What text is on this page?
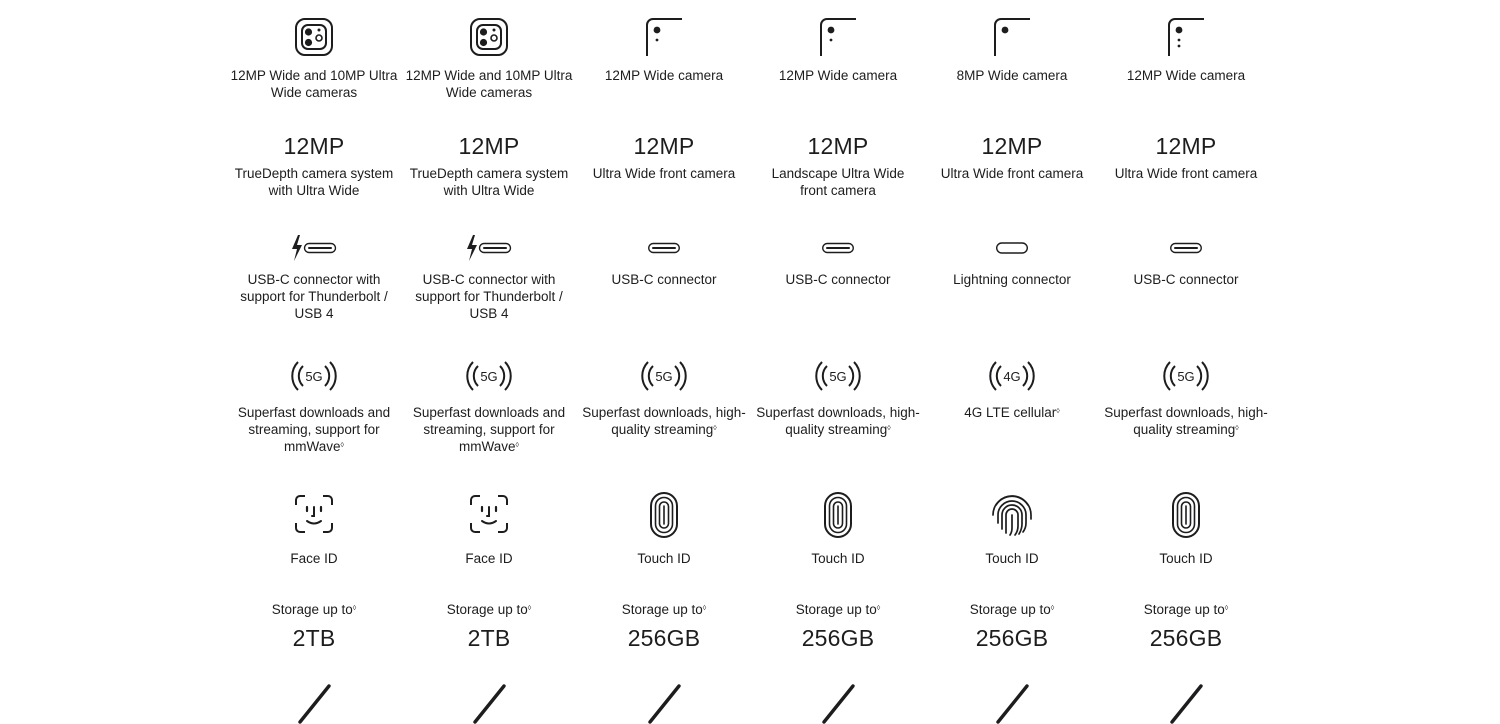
12MP Wide and 10MP Ultra Wide cameras
12MP
TrueDepth camera system with Ultra Wide
USB-C connector with support for Thunderbolt / USB 4
5G
Superfast downloads and streaming, support for mmWave◊
Face ID
Storage up to◊
2TB
12MP Wide and 10MP Ultra Wide cameras
12MP
TrueDepth camera system with Ultra Wide
USB-C connector with support for Thunderbolt / USB 4
5G
Superfast downloads and streaming, support for mmWave◊
Face ID
Storage up to◊
2TB
12MP Wide camera
12MP
Ultra Wide front camera
USB-C connector
5G
Superfast downloads, high-quality streaming◊
Touch ID
Storage up to◊
256GB
12MP Wide camera
12MP
Landscape Ultra Wide front camera
USB-C connector
5G
Superfast downloads, high-quality streaming◊
Touch ID
Storage up to◊
256GB
8MP Wide camera
12MP
Ultra Wide front camera
Lightning connector
4G
4G LTE cellular◊
Touch ID
Storage up to◊
256GB
12MP Wide camera
12MP
Ultra Wide front camera
USB-C connector
5G
Superfast downloads, high-quality streaming◊
Touch ID
Storage up to◊
256GB
